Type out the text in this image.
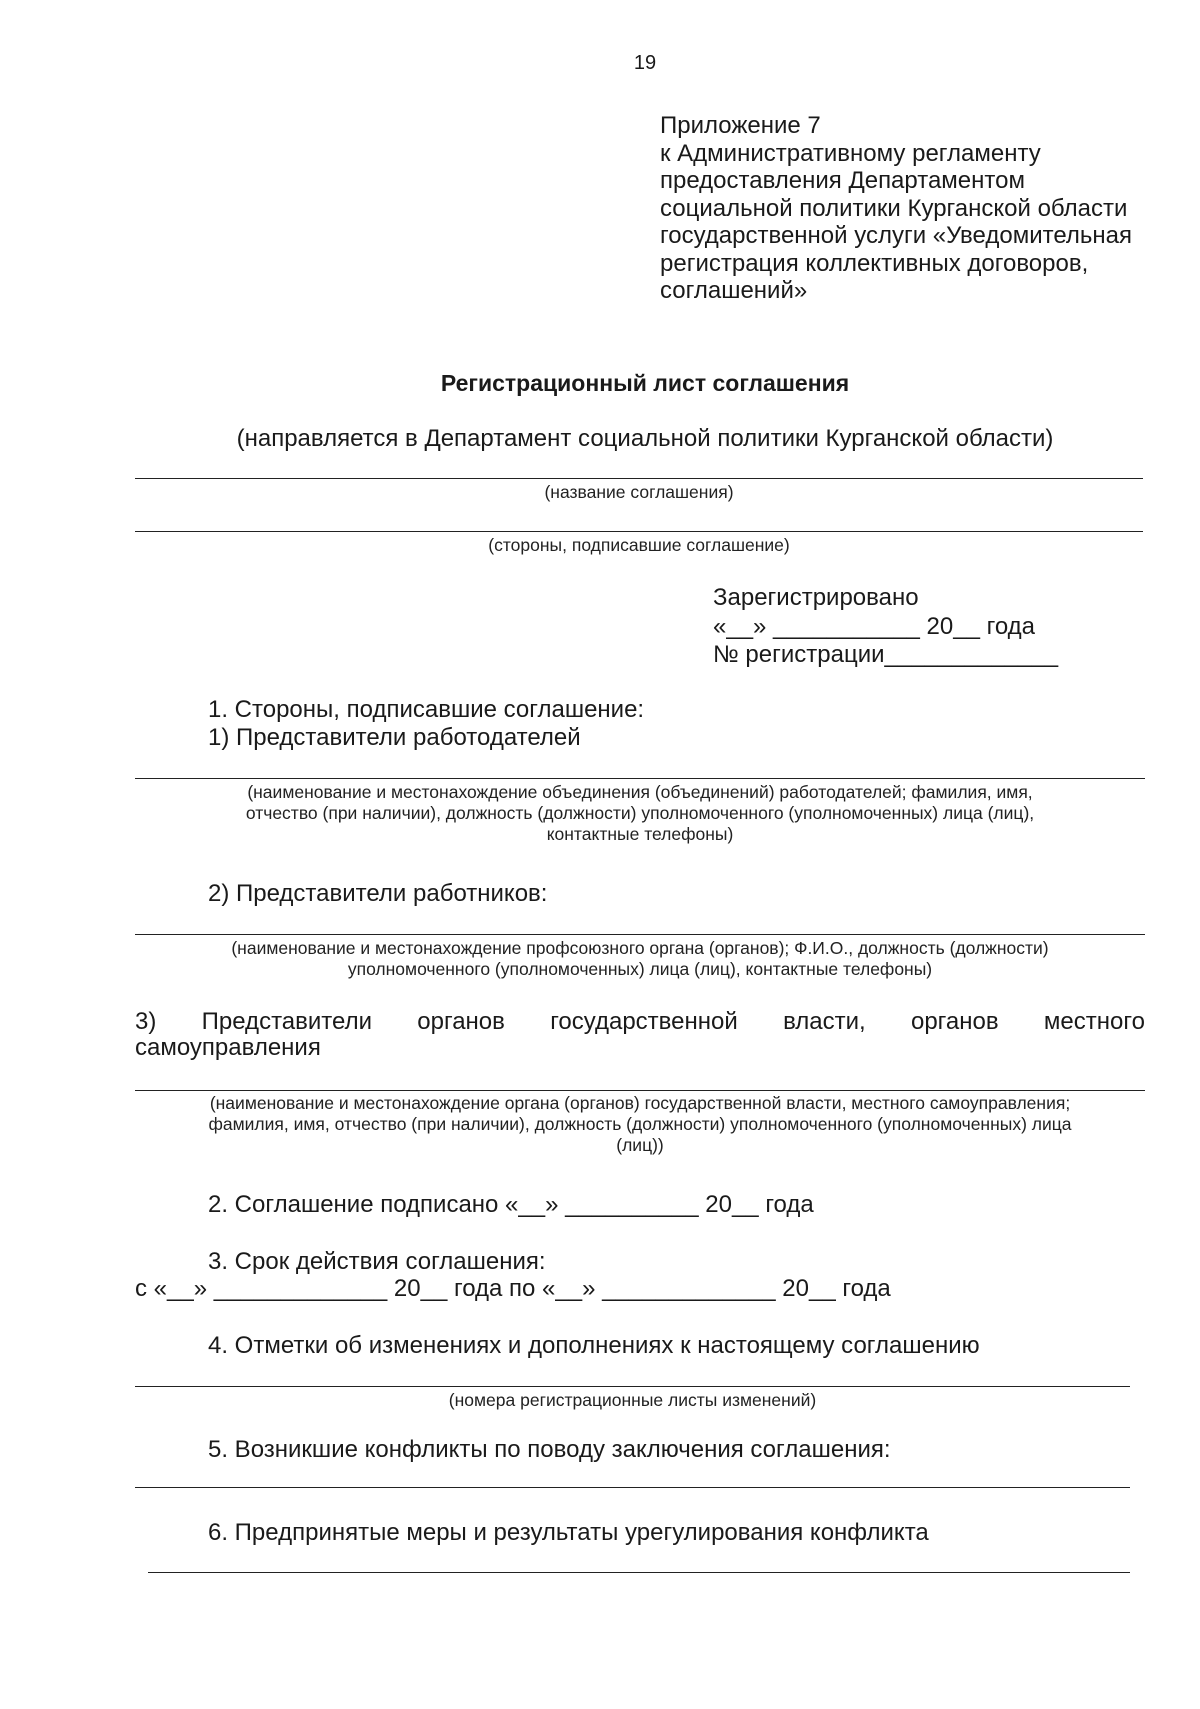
19
Приложение 7
к Административному регламенту
предоставления Департаментом
социальной политики Курганской области
государственной услуги «Уведомительная
регистрация коллективных договоров,
соглашений»
Регистрационный лист соглашения
(направляется в Департамент социальной политики Курганской области)
(название соглашения)
(стороны, подписавшие соглашение)
Зарегистрировано
«__» ___________ 20__ года
№ регистрации_____________
1. Стороны, подписавшие соглашение:
1) Представители работодателей
(наименование и местонахождение объединения (объединений) работодателей; фамилия, имя,
отчество (при наличии), должность (должности) уполномоченного (уполномоченных) лица (лиц),
контактные телефоны)
2) Представители работников:
(наименование и местонахождение профсоюзного органа (органов); Ф.И.О., должность (должности)
уполномоченного (уполномоченных) лица (лиц), контактные телефоны)
3) Представители органов государственной власти, органов местного
самоуправления
(наименование и местонахождение органа (органов) государственной власти, местного самоуправления;
фамилия, имя, отчество (при наличии), должность (должности) уполномоченного (уполномоченных) лица
(лиц))
2. Соглашение подписано «__» __________ 20__ года
3. Срок действия соглашения:
с «__» _____________ 20__ года по «__» _____________ 20__ года
4. Отметки об изменениях и дополнениях к настоящему соглашению
(номера регистрационные листы изменений)
5. Возникшие конфликты по поводу заключения соглашения:
6. Предпринятые меры и результаты урегулирования конфликта
